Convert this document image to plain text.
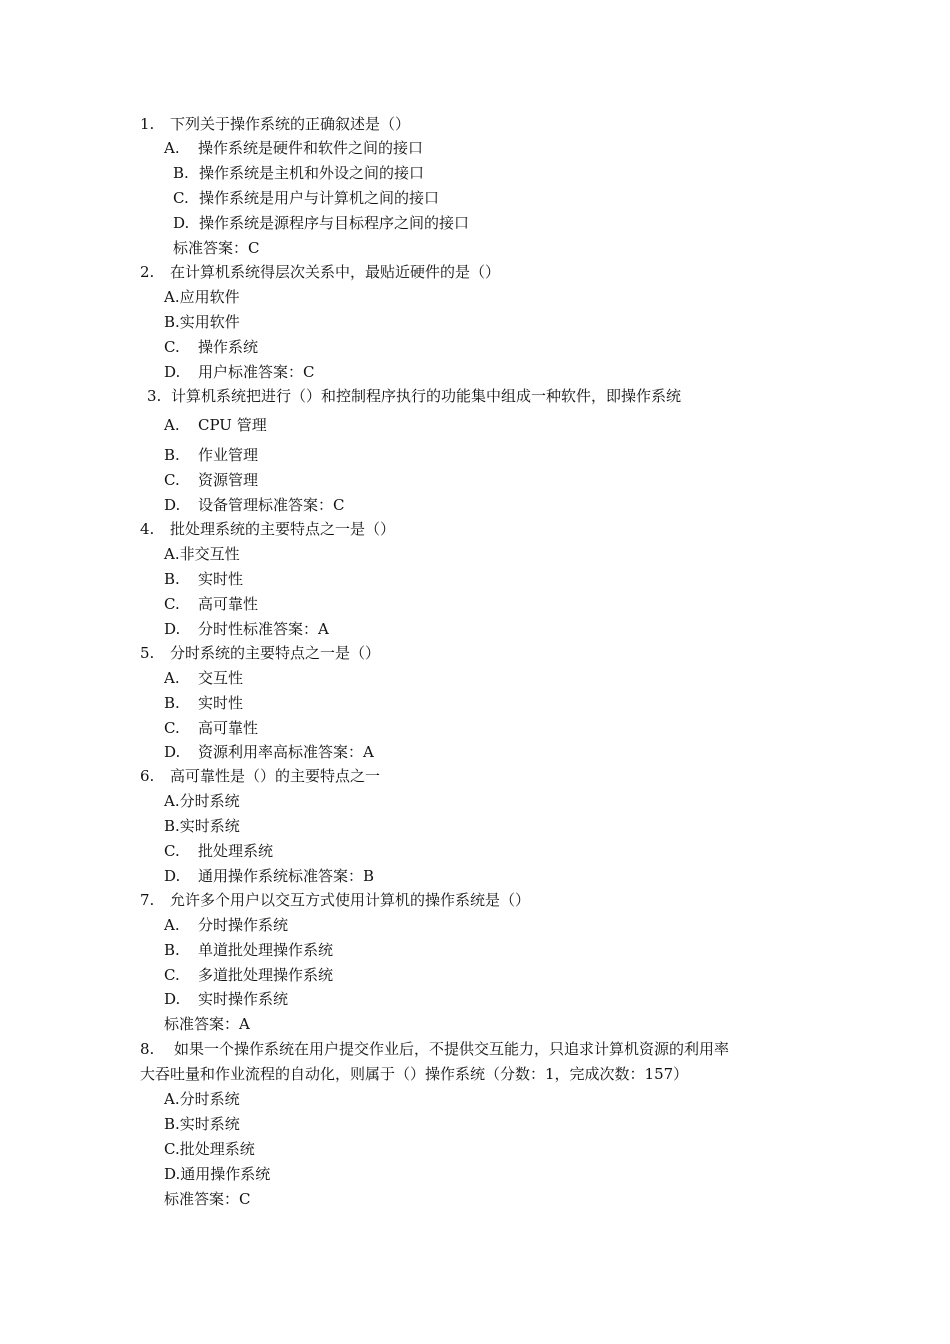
1. 下列关于操作系统的正确叙述是（）
A. 操作系统是硬件和软件之间的接口
B. 操作系统是主机和外设之间的接口
C. 操作系统是用户与计算机之间的接口
D. 操作系统是源程序与目标程序之间的接口
标准答案：C
2. 在计算机系统得层次关系中，最贴近硬件的是（）
A.应用软件
B.实用软件
C. 操作系统
D. 用户标准答案：C
3. 计算机系统把进行（）和控制程序执行的功能集中组成一种软件，即操作系统
A. CPU 管理
B. 作业管理
C. 资源管理
D. 设备管理标准答案：C
4. 批处理系统的主要特点之一是（）
A.非交互性
B. 实时性
C. 高可靠性
D. 分时性标准答案：A
5. 分时系统的主要特点之一是（）
A. 交互性
B. 实时性
C. 高可靠性
D. 资源利用率高标准答案：A
6. 高可靠性是（）的主要特点之一
A.分时系统
B.实时系统
C. 批处理系统
D. 通用操作系统标准答案：B
7. 允许多个用户以交互方式使用计算机的操作系统是（）
A. 分时操作系统
B. 单道批处理操作系统
C. 多道批处理操作系统
D. 实时操作系统
标准答案：A
8. 如果一个操作系统在用户提交作业后，不提供交互能力，只追求计算机资源的利用率
大吞吐量和作业流程的自动化，则属于（）操作系统（分数：1，完成次数：157）
A.分时系统
B.实时系统
C.批处理系统
D.通用操作系统
标准答案：C
